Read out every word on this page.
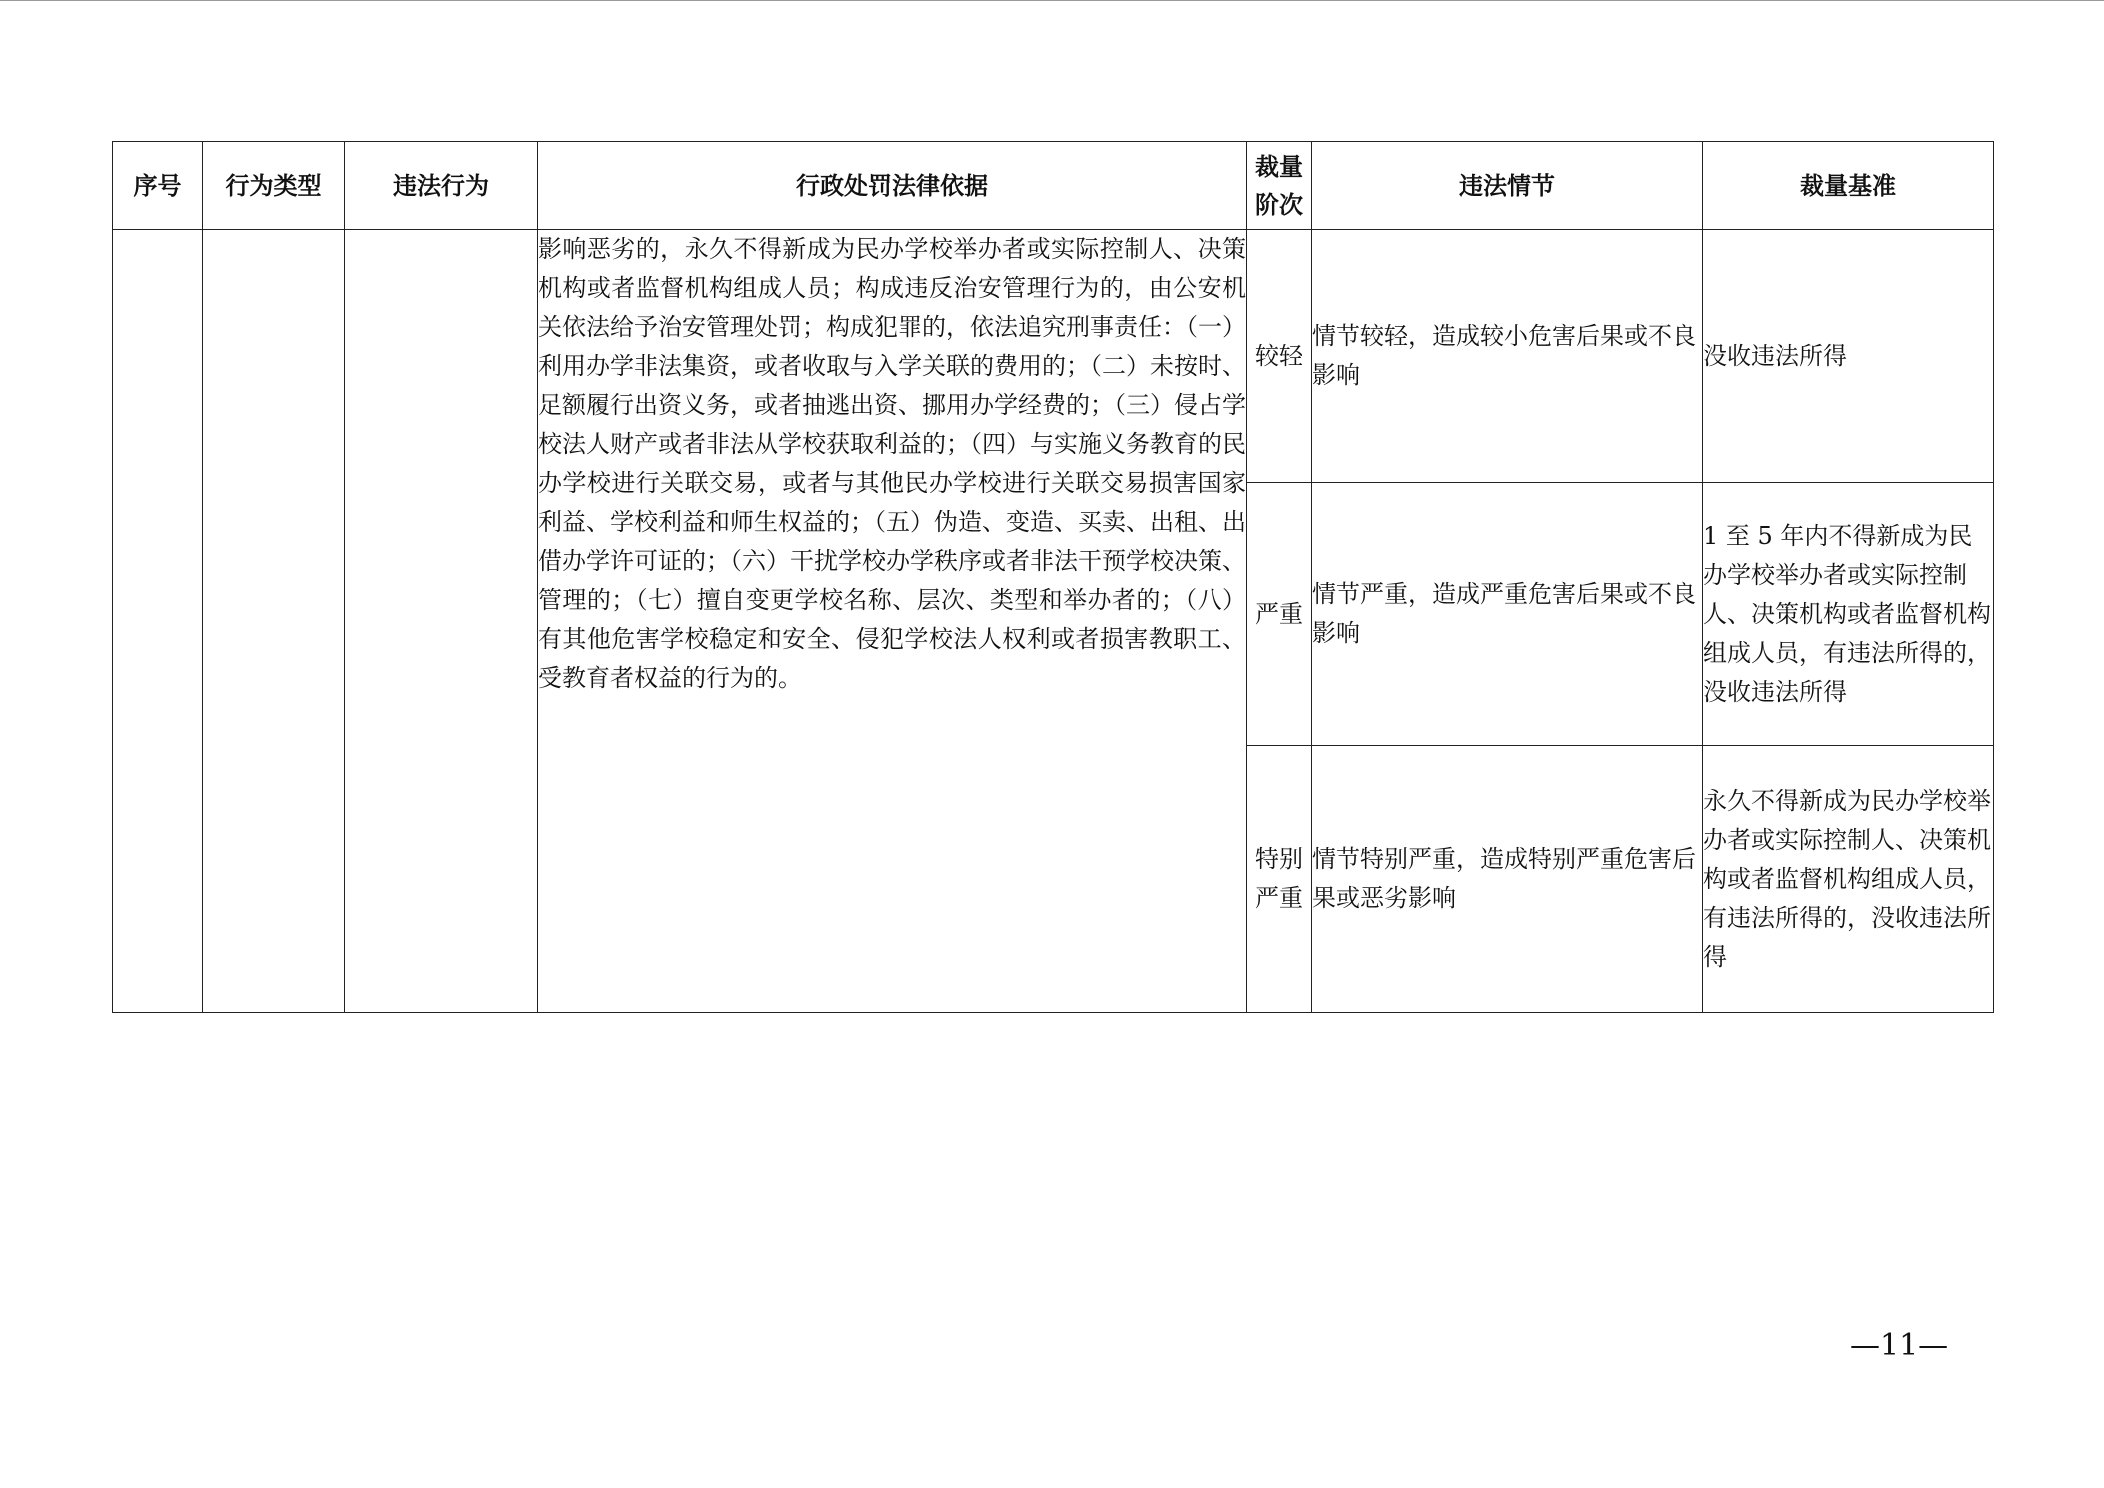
序号	行为类型	违法行为	行政处罚法律依据	裁量阶次	违法情节	裁量基准
			影响恶劣的，永久不得新成为民办学校举办者或实际控制人、决策机构或者监督机构组成人员；构成违反治安管理行为的，由公安机关依法给予治安管理处罚；构成犯罪的，依法追究刑事责任：（一）利用办学非法集资，或者收取与入学关联的费用的；（二）未按时、足额履行出资义务，或者抽逃出资、挪用办学经费的；（三）侵占学校法人财产或者非法从学校获取利益的；（四）与实施义务教育的民办学校进行关联交易，或者与其他民办学校进行关联交易损害国家利益、学校利益和师生权益的；（五）伪造、变造、买卖、出租、出借办学许可证的；（六）干扰学校办学秩序或者非法干预学校决策、管理的；（七）擅自变更学校名称、层次、类型和举办者的；（八）有其他危害学校稳定和安全、侵犯学校法人权利或者损害教职工、受教育者权益的行为的。	较轻	情节较轻，造成较小危害后果或不良影响	没收违法所得
				严重	情节严重，造成严重危害后果或不良影响	1 至 5 年内不得新成为民办学校举办者或实际控制人、决策机构或者监督机构组成人员，有违法所得的，没收违法所得
				特别严重	情节特别严重，造成特别严重危害后果或恶劣影响	永久不得新成为民办学校举办者或实际控制人、决策机构或者监督机构组成人员，有违法所得的，没收违法所得
—11—
